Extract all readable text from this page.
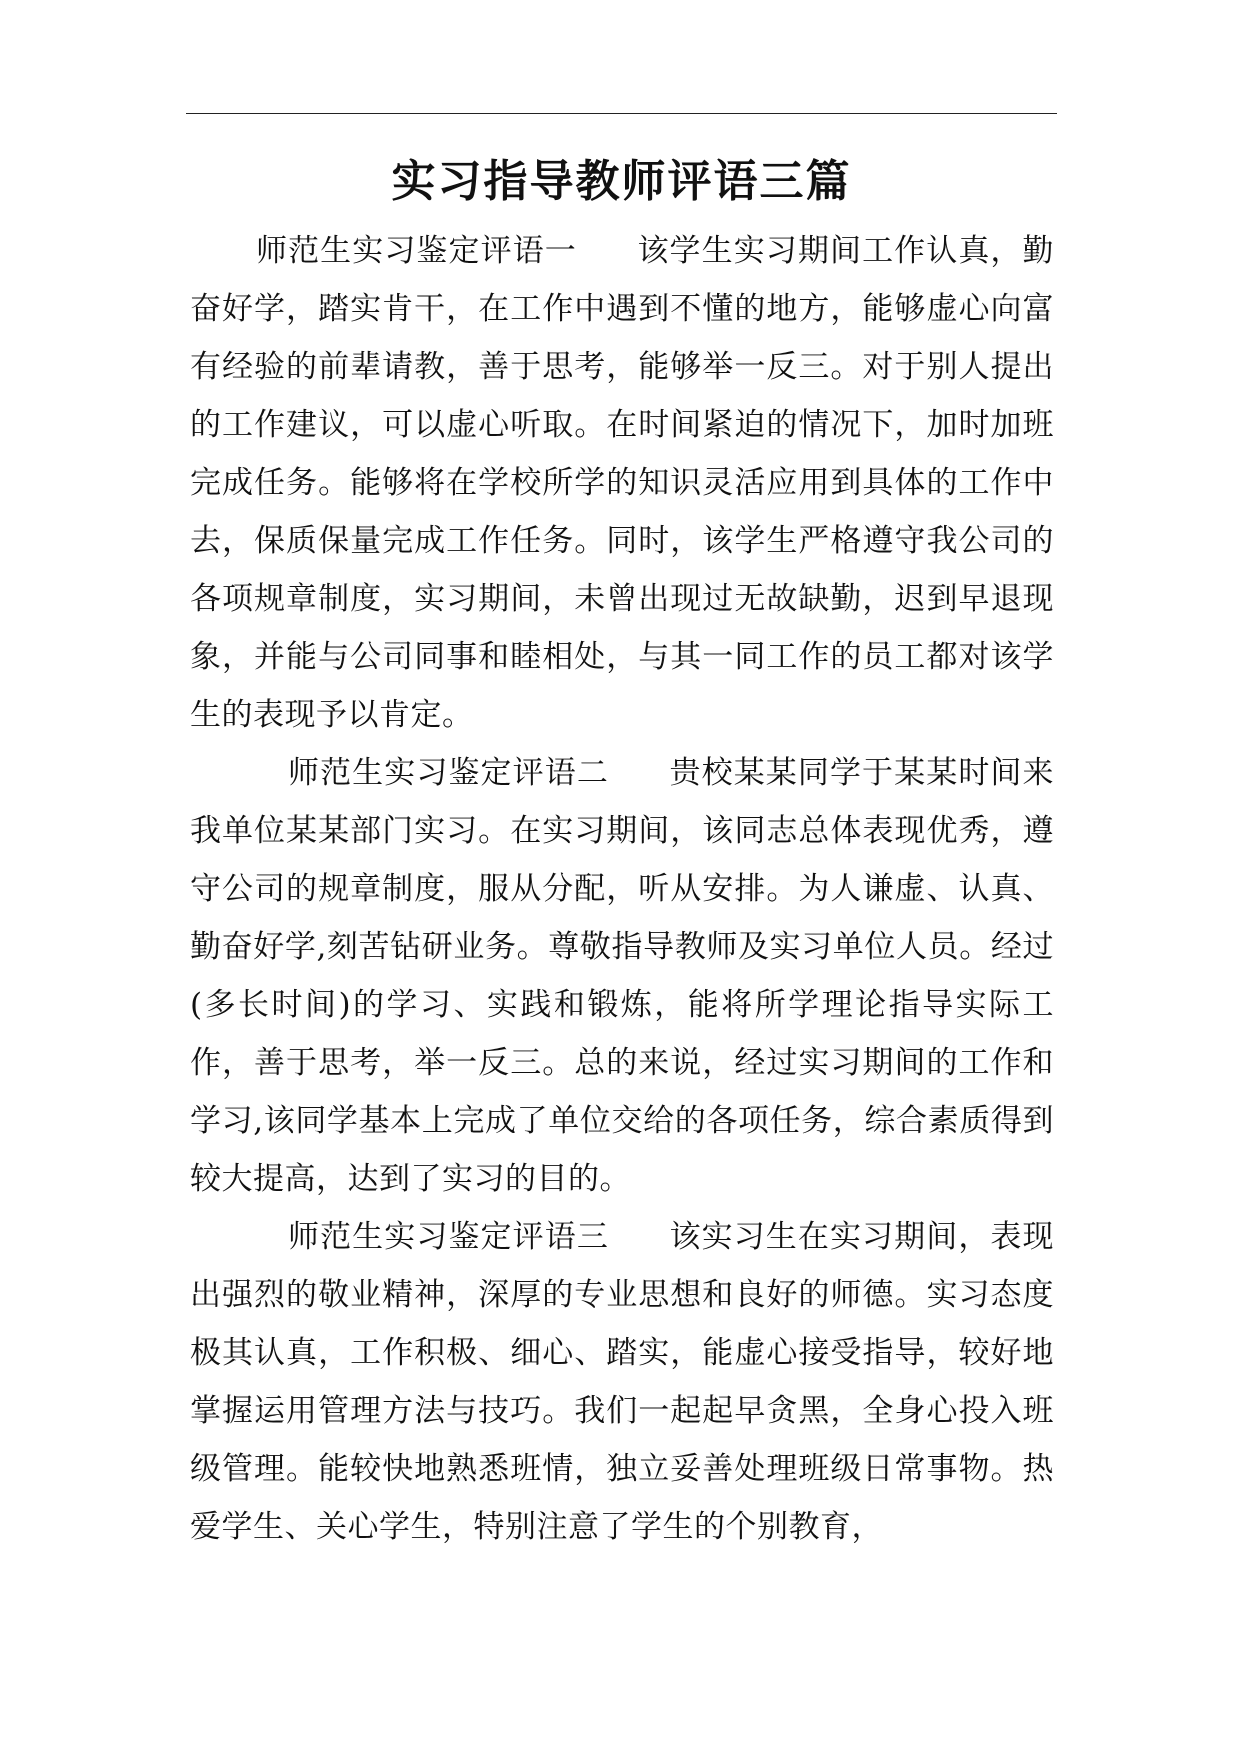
实习指导教师评语三篇

师范生实习鉴定评语一 该学生实习期间工作认真，勤奋好学，踏实肯干，在工作中遇到不懂的地方，能够虚心向富有经验的前辈请教，善于思考，能够举一反三。对于别人提出的工作建议，可以虚心听取。在时间紧迫的情况下，加时加班完成任务。能够将在学校所学的知识灵活应用到具体的工作中去，保质保量完成工作任务。同时，该学生严格遵守我公司的各项规章制度，实习期间，未曾出现过无故缺勤，迟到早退现象，并能与公司同事和睦相处，与其一同工作的员工都对该学生的表现予以肯定。

师范生实习鉴定评语二 贵校某某同学于某某时间来我单位某某部门实习。在实习期间，该同志总体表现优秀，遵守公司的规章制度，服从分配，听从安排。为人谦虚、认真、勤奋好学,刻苦钻研业务。尊敬指导教师及实习单位人员。经过(多长时间)的学习、实践和锻炼，能将所学理论指导实际工作，善于思考，举一反三。总的来说，经过实习期间的工作和学习,该同学基本上完成了单位交给的各项任务，综合素质得到较大提高，达到了实习的目的。

师范生实习鉴定评语三 该实习生在实习期间，表现出强烈的敬业精神，深厚的专业思想和良好的师德。实习态度极其认真，工作积极、细心、踏实，能虚心接受指导，较好地掌握运用管理方法与技巧。我们一起起早贪黑，全身心投入班级管理。能较快地熟悉班情，独立妥善处理班级日常事物。热爱学生、关心学生，特别注意了学生的个别教育，
